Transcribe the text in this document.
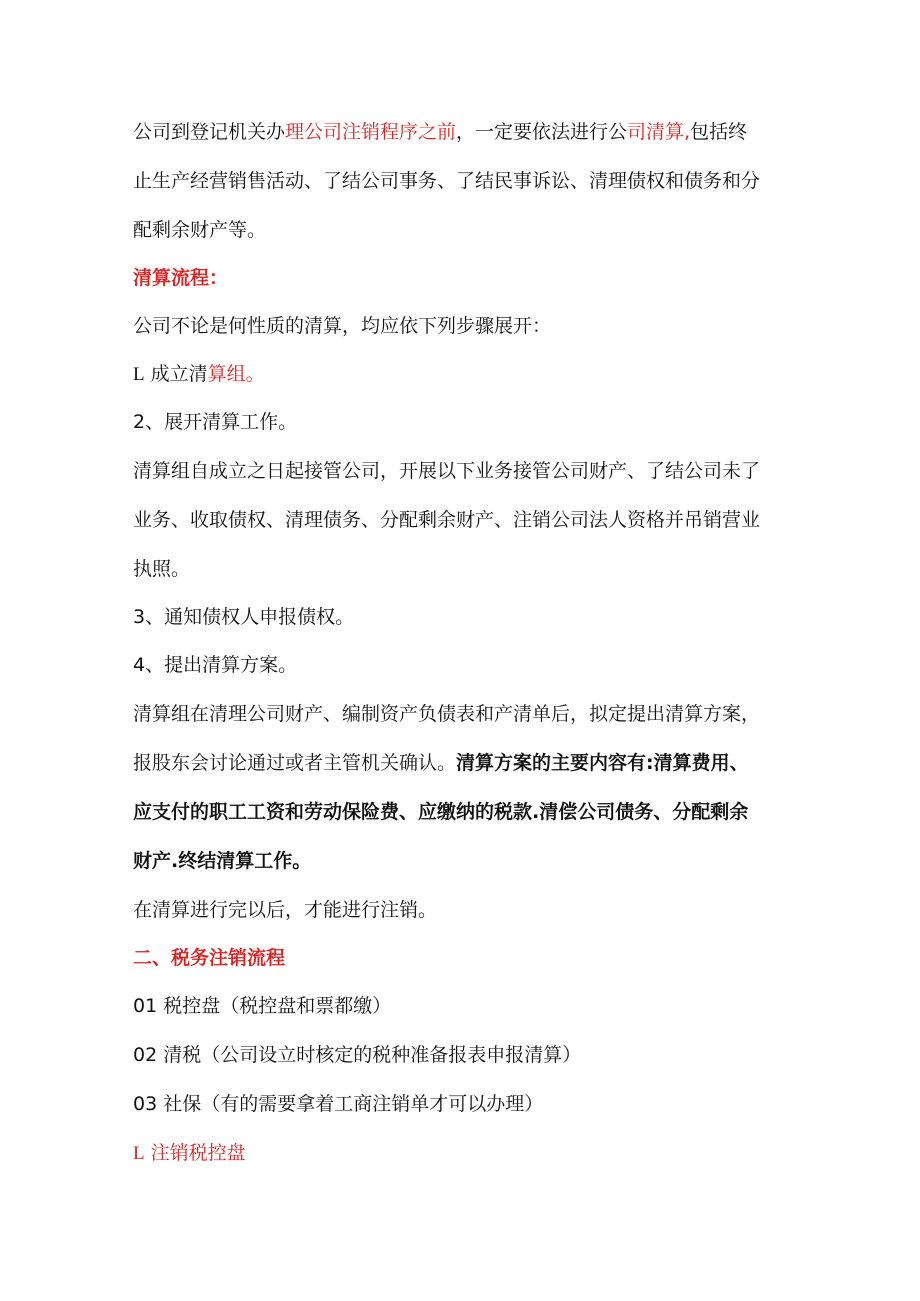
公司到登记机关办理公司注销程序之前，一定要依法进行公司清算,包括终
止生产经营销售活动、了结公司事务、了结民事诉讼、清理债权和债务和分
配剩余财产等。
清算流程：
公司不论是何性质的清算，均应依下列步骤展开：
L 成立清算组。
2、展开清算工作。
清算组自成立之日起接管公司，开展以下业务接管公司财产、了结公司未了
业务、收取债权、清理债务、分配剩余财产、注销公司法人资格并吊销营业
执照。
3、通知债权人申报债权。
4、提出清算方案。
清算组在清理公司财产、编制资产负债表和产清单后，拟定提出清算方案，
报股东会讨论通过或者主管机关确认。清算方案的主要内容有:清算费用、
应支付的职工工资和劳动保险费、应缴纳的税款.清偿公司债务、分配剩余
财产.终结清算工作。
在清算进行完以后，才能进行注销。
二、税务注销流程
01 税控盘（税控盘和票都缴）
02 清税（公司设立时核定的税种准备报表申报清算）
03 社保（有的需要拿着工商注销单才可以办理）
L 注销税控盘
